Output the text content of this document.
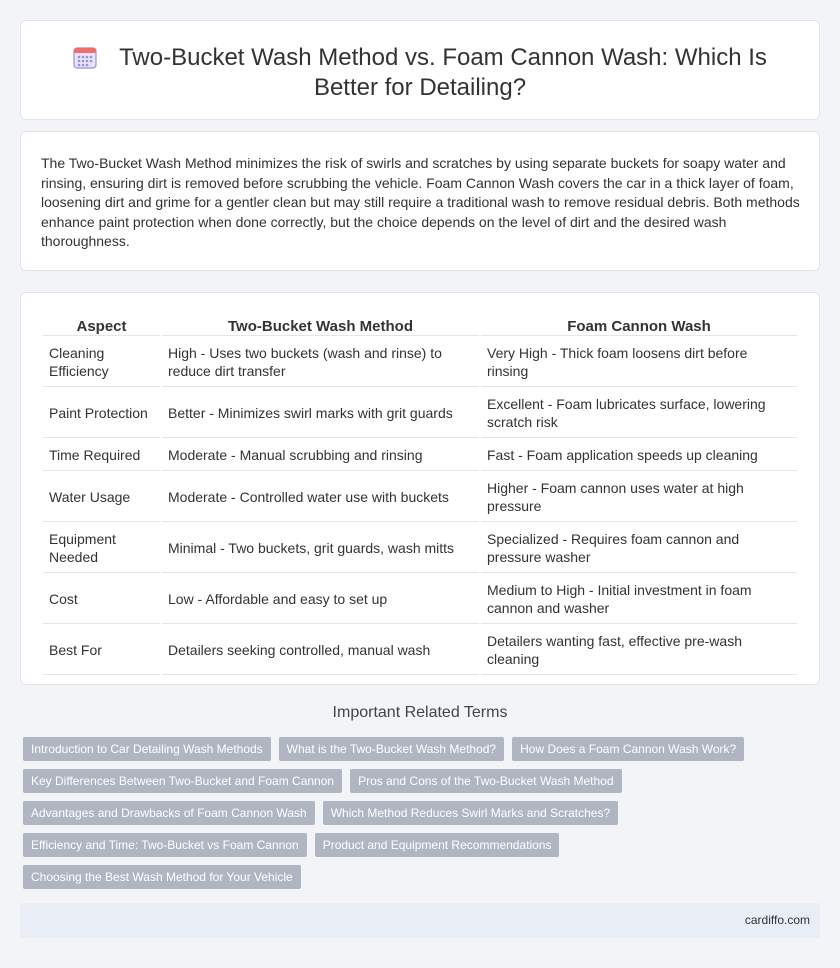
Two-Bucket Wash Method vs. Foam Cannon Wash: Which Is Better for Detailing?

The Two-Bucket Wash Method minimizes the risk of swirls and scratches by using separate buckets for soapy water and rinsing, ensuring dirt is removed before scrubbing the vehicle. Foam Cannon Wash covers the car in a thick layer of foam, loosening dirt and grime for a gentler clean but may still require a traditional wash to remove residual debris. Both methods enhance paint protection when done correctly, but the choice depends on the level of dirt and the desired wash thoroughness.

Aspect	Two-Bucket Wash Method	Foam Cannon Wash
Cleaning Efficiency	High - Uses two buckets (wash and rinse) to reduce dirt transfer	Very High - Thick foam loosens dirt before rinsing
Paint Protection	Better - Minimizes swirl marks with grit guards	Excellent - Foam lubricates surface, lowering scratch risk
Time Required	Moderate - Manual scrubbing and rinsing	Fast - Foam application speeds up cleaning
Water Usage	Moderate - Controlled water use with buckets	Higher - Foam cannon uses water at high pressure
Equipment Needed	Minimal - Two buckets, grit guards, wash mitts	Specialized - Requires foam cannon and pressure washer
Cost	Low - Affordable and easy to set up	Medium to High - Initial investment in foam cannon and washer
Best For	Detailers seeking controlled, manual wash	Detailers wanting fast, effective pre-wash cleaning
Important Related Terms
Introduction to Car Detailing Wash Methods	What is the Two-Bucket Wash Method?	How Does a Foam Cannon Wash Work?
Key Differences Between Two-Bucket and Foam Cannon	Pros and Cons of the Two-Bucket Wash Method
Advantages and Drawbacks of Foam Cannon Wash	Which Method Reduces Swirl Marks and Scratches?
Efficiency and Time: Two-Bucket vs Foam Cannon	Product and Equipment Recommendations
Choosing the Best Wash Method for Your Vehicle
cardiffo.com
